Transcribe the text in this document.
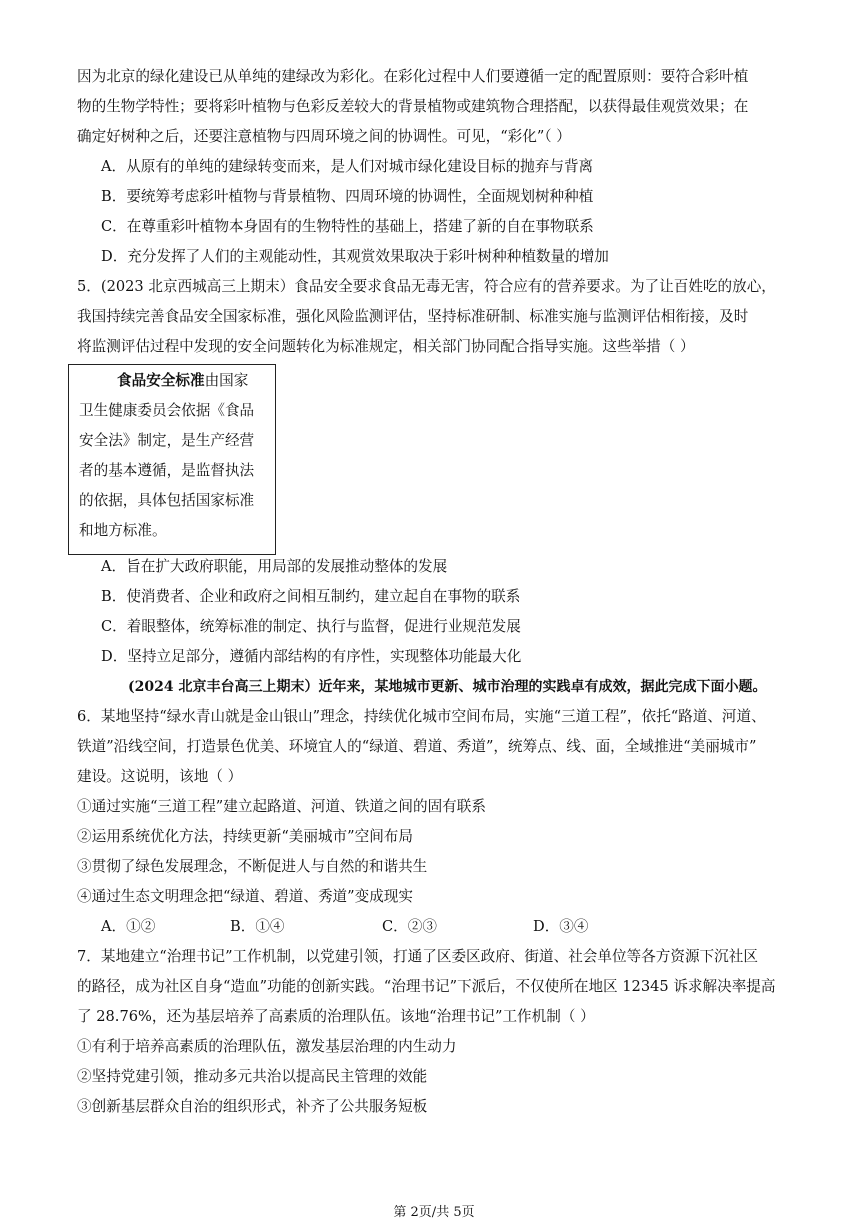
因为北京的绿化建设已从单纯的建绿改为彩化。在彩化过程中人们要遵循一定的配置原则：要符合彩叶植
物的生物学特性；要将彩叶植物与色彩反差较大的背景植物或建筑物合理搭配，以获得最佳观赏效果；在
确定好树种之后，还要注意植物与四周环境之间的协调性。可见，“彩化”（ ）
A．从原有的单纯的建绿转变而来，是人们对城市绿化建设目标的抛弃与背离
B．要统筹考虑彩叶植物与背景植物、四周环境的协调性，全面规划树种种植
C．在尊重彩叶植物本身固有的生物特性的基础上，搭建了新的自在事物联系
D．充分发挥了人们的主观能动性，其观赏效果取决于彩叶树种种植数量的增加
5．(2023 北京西城高三上期末）食品安全要求食品无毒无害，符合应有的营养要求。为了让百姓吃的放心，
我国持续完善食品安全国家标准，强化风险监测评估，坚持标准研制、标准实施与监测评估相衔接，及时
将监测评估过程中发现的安全问题转化为标准规定，相关部门协同配合指导实施。这些举措（ ）
食品安全标准由国家
卫生健康委员会依据《食品
安全法》制定，是生产经营
者的基本遵循，是监督执法
的依据，具体包括国家标准
和地方标准。
A．旨在扩大政府职能，用局部的发展推动整体的发展
B．使消费者、企业和政府之间相互制约，建立起自在事物的联系
C．着眼整体，统筹标准的制定、执行与监督，促进行业规范发展
D．坚持立足部分，遵循内部结构的有序性，实现整体功能最大化
(2024 北京丰台高三上期末）近年来，某地城市更新、城市治理的实践卓有成效，据此完成下面小题。
6．某地坚持“绿水青山就是金山银山”理念，持续优化城市空间布局，实施“三道工程”，依托“路道、河道、
铁道”沿线空间，打造景色优美、环境宜人的“绿道、碧道、秀道”，统筹点、线、面，全域推进“美丽城市”
建设。这说明，该地（ ）
①通过实施“三道工程”建立起路道、河道、铁道之间的固有联系
②运用系统优化方法，持续更新“美丽城市”空间布局
③贯彻了绿色发展理念，不断促进人与自然的和谐共生
④通过生态文明理念把“绿道、碧道、秀道”变成现实
A．①②	B．①④	C．②③	D．③④
7．某地建立“治理书记”工作机制，以党建引领，打通了区委区政府、街道、社会单位等各方资源下沉社区
的路径，成为社区自身“造血”功能的创新实践。“治理书记”下派后，不仅使所在地区 12345 诉求解决率提高
了 28.76%，还为基层培养了高素质的治理队伍。该地“治理书记”工作机制（ ）
①有利于培养高素质的治理队伍，激发基层治理的内生动力
②坚持党建引领，推动多元共治以提高民主管理的效能
③创新基层群众自治的组织形式，补齐了公共服务短板
第 2页/共 5页
